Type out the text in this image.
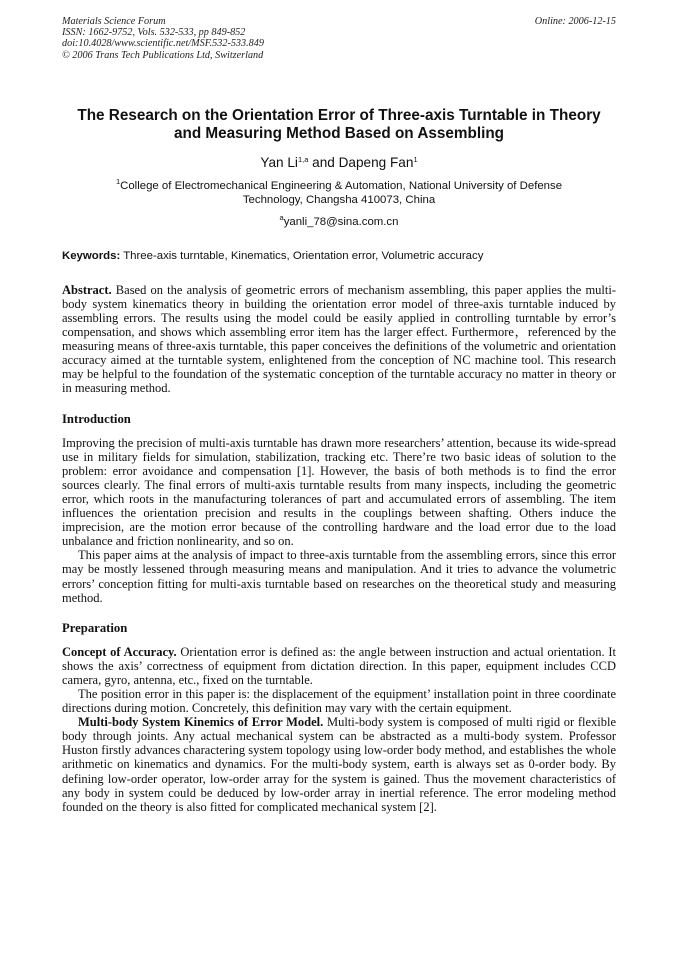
Materials Science Forum
ISSN: 1662-9752, Vols. 532-533, pp 849-852
doi:10.4028/www.scientific.net/MSF.532-533.849
© 2006 Trans Tech Publications Ltd, Switzerland
Online: 2006-12-15
The Research on the Orientation Error of Three-axis Turntable in Theory and Measuring Method Based on Assembling
Yan Li$^{1,a}$ and Dapeng Fan$^1$
$^1$College of Electromechanical Engineering & Automation, National University of Defense Technology, Changsha 410073, China
$^a$yanli_78@sina.com.cn
Keywords: Three-axis turntable, Kinematics, Orientation error, Volumetric accuracy

Abstract. Based on the analysis of geometric errors of mechanism assembling, this paper applies the multi-body system kinematics theory in building the orientation error model of three-axis turntable induced by assembling errors. The results using the model could be easily applied in controlling turntable by error’s compensation, and shows which assembling error item has the larger effect. Furthermore，referenced by the measuring means of three-axis turntable, this paper conceives the definitions of the volumetric and orientation accuracy aimed at the turntable system, enlightened from the conception of NC machine tool. This research may be helpful to the foundation of the systematic conception of the turntable accuracy no matter in theory or in measuring method.

Introduction

Improving the precision of multi-axis turntable has drawn more researchers’ attention, because its wide-spread use in military fields for simulation, stabilization, tracking etc. There’re two basic ideas of solution to the problem: error avoidance and compensation [1]. However, the basis of both methods is to find the error sources clearly. The final errors of multi-axis turntable results from many inspects, including the geometric error, which roots in the manufacturing tolerances of part and accumulated errors of assembling. The item influences the orientation precision and results in the couplings between shafting. Others induce the imprecision, are the motion error because of the controlling hardware and the load error due to the load unbalance and friction nonlinearity, and so on.

This paper aims at the analysis of impact to three-axis turntable from the assembling errors, since this error may be mostly lessened through measuring means and manipulation. And it tries to advance the volumetric errors’ conception fitting for multi-axis turntable based on researches on the theoretical study and measuring method.

Preparation

Concept of Accuracy. Orientation error is defined as: the angle between instruction and actual orientation. It shows the axis’ correctness of equipment from dictation direction. In this paper, equipment includes CCD camera, gyro, antenna, etc., fixed on the turntable.

The position error in this paper is: the displacement of the equipment’ installation point in three coordinate directions during motion. Concretely, this definition may vary with the certain equipment.

Multi-body System Kinemics of Error Model. Multi-body system is composed of multi rigid or flexible body through joints. Any actual mechanical system can be abstracted as a multi-body system. Professor Huston firstly advances charactering system topology using low-order body method, and establishes the whole arithmetic on kinematics and dynamics. For the multi-body system, earth is always set as 0-order body. By defining low-order operator, low-order array for the system is gained. Thus the movement characteristics of any body in system could be deduced by low-order array in inertial reference. The error modeling method founded on the theory is also fitted for complicated mechanical system [2].
